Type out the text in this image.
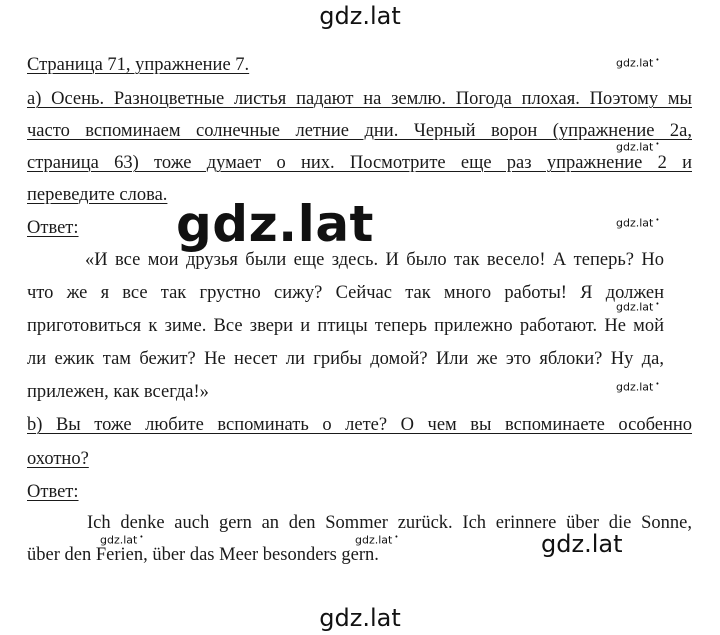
gdz.lat
gdz.lat
gdz.lat
gdz.lat
gdz.lat •
gdz.lat •
gdz.lat •
gdz.lat •
gdz.lat •
gdz.lat •	gdz.lat •
Страница 71, упражнение 7.
а) Осень. Разноцветные листья падают на землю. Погода плохая. Поэтому мы
часто вспоминаем солнечные летние дни. Черный ворон (упражнение 2а,
страница 63) тоже думает о них. Посмотрите еще раз упражнение 2 и
переведите слова.
Ответ:
«И все мои друзья были еще здесь. И было так весело! А теперь? Но
что же я все так грустно сижу? Сейчас так много работы! Я должен
приготовиться к зиме. Все звери и птицы теперь прилежно работают. Не мой
ли ежик там бежит? Не несет ли грибы домой? Или же это яблоки? Ну да,
прилежен, как всегда!»
b) Вы тоже любите вспоминать о лете? О чем вы вспоминаете особенно
охотно?
Ответ:
Ich denke auch gern an den Sommer zurück. Ich erinnere über die Sonne,
über den Ferien, über das Meer besonders gern.
